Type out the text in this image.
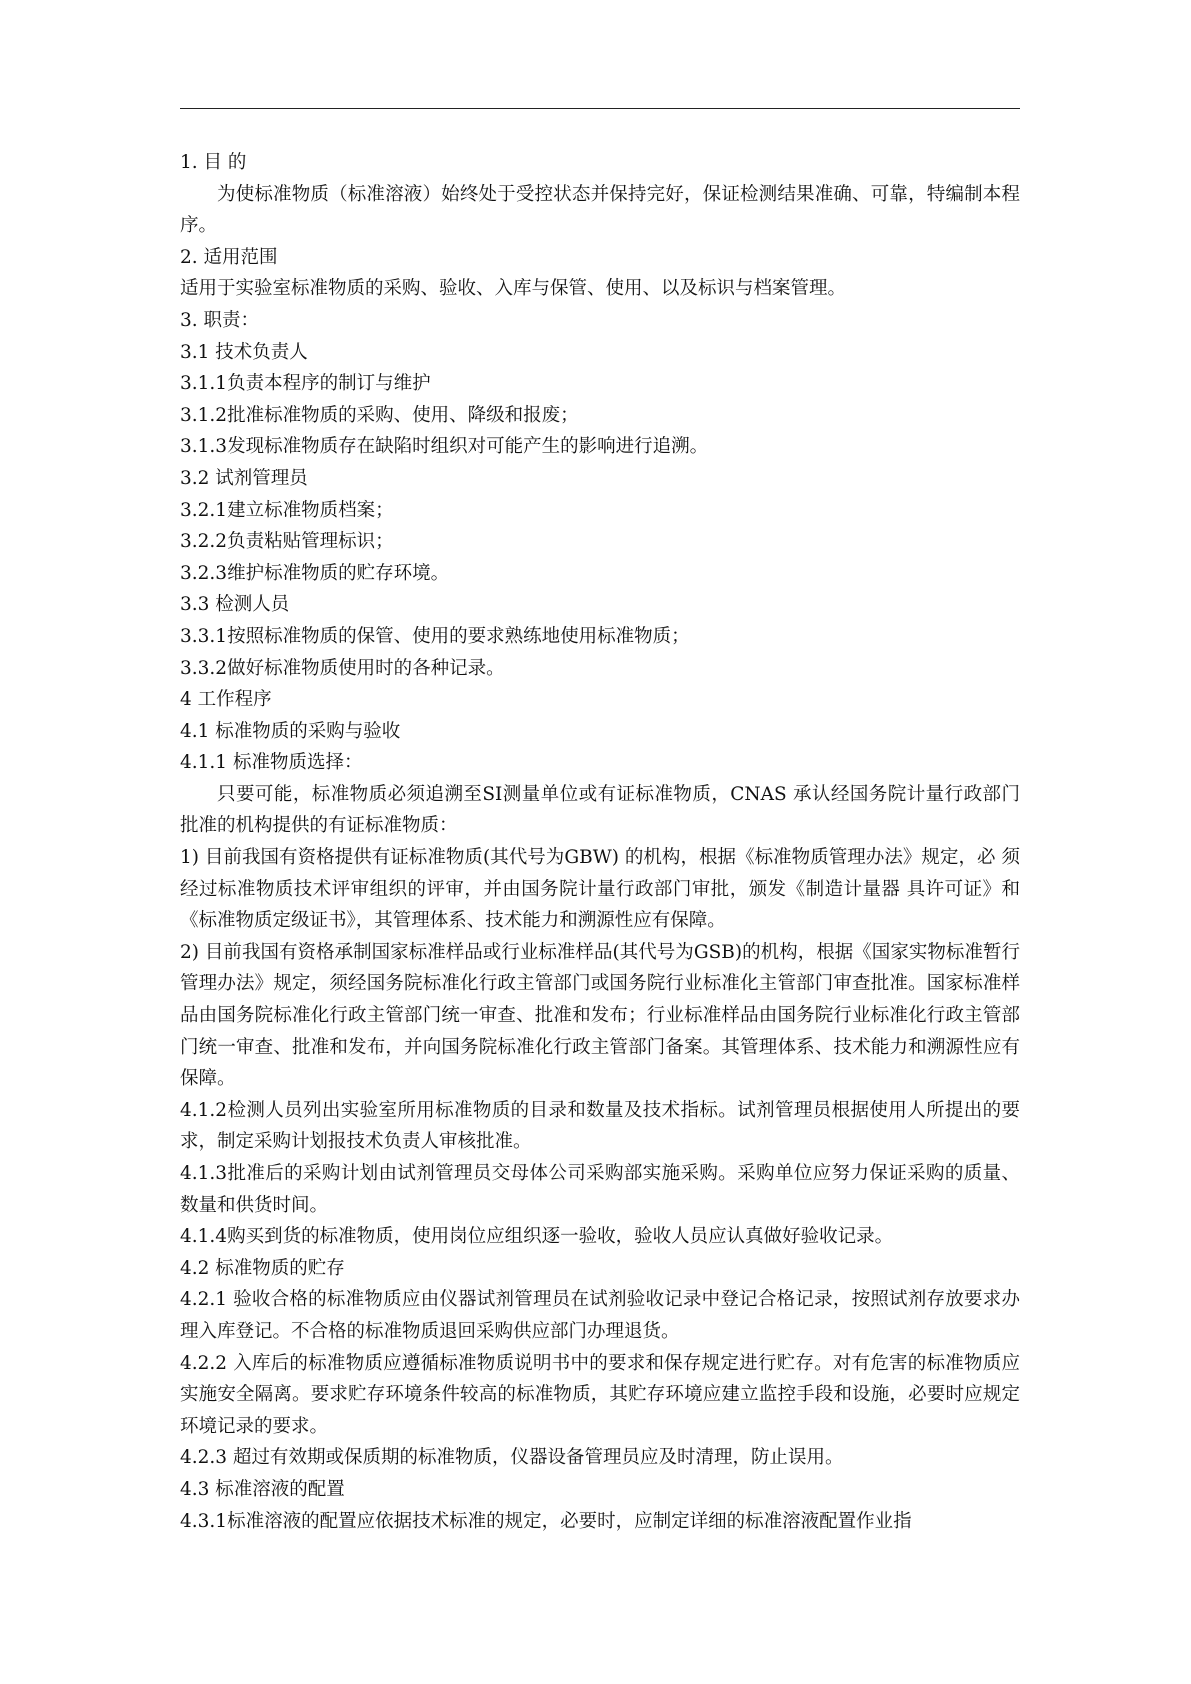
1. 目 的

为使标准物质（标准溶液）始终处于受控状态并保持完好，保证检测结果准确、可靠，特编制本程序。

2. 适用范围

适用于实验室标准物质的采购、验收、入库与保管、使用、以及标识与档案管理。

3. 职责：

3.1 技术负责人

3.1.1负责本程序的制订与维护

3.1.2批准标准物质的采购、使用、降级和报废；

3.1.3发现标准物质存在缺陷时组织对可能产生的影响进行追溯。

3.2 试剂管理员

3.2.1建立标准物质档案；

3.2.2负责粘贴管理标识；

3.2.3维护标准物质的贮存环境。

3.3 检测人员

3.3.1按照标准物质的保管、使用的要求熟练地使用标准物质；

3.3.2做好标准物质使用时的各种记录。

4 工作程序

4.1 标准物质的采购与验收

4.1.1 标准物质选择：

只要可能，标准物质必须追溯至SI测量单位或有证标准物质，CNAS 承认经国务院计量行政部门批准的机构提供的有证标准物质：

1) 目前我国有资格提供有证标准物质(其代号为GBW) 的机构，根据《标准物质管理办法》规定，必 须经过标准物质技术评审组织的评审，并由国务院计量行政部门审批，颁发《制造计量器 具许可证》和《标准物质定级证书》，其管理体系、技术能力和溯源性应有保障。

2) 目前我国有资格承制国家标准样品或行业标准样品(其代号为GSB)的机构，根据《国家实物标准暂行管理办法》规定，须经国务院标准化行政主管部门或国务院行业标准化主管部门审查批准。国家标准样品由国务院标准化行政主管部门统一审查、批准和发布；行业标准样品由国务院行业标准化行政主管部门统一审查、批准和发布，并向国务院标准化行政主管部门备案。其管理体系、技术能力和溯源性应有保障。

4.1.2检测人员列出实验室所用标准物质的目录和数量及技术指标。试剂管理员根据使用人所提出的要求，制定采购计划报技术负责人审核批准。

4.1.3批准后的采购计划由试剂管理员交母体公司采购部实施采购。采购单位应努力保证采购的质量、数量和供货时间。

4.1.4购买到货的标准物质，使用岗位应组织逐一验收，验收人员应认真做好验收记录。

4.2 标准物质的贮存

4.2.1 验收合格的标准物质应由仪器试剂管理员在试剂验收记录中登记合格记录，按照试剂存放要求办理入库登记。不合格的标准物质退回采购供应部门办理退货。

4.2.2 入库后的标准物质应遵循标准物质说明书中的要求和保存规定进行贮存。对有危害的标准物质应实施安全隔离。要求贮存环境条件较高的标准物质，其贮存环境应建立监控手段和设施，必要时应规定环境记录的要求。

4.2.3 超过有效期或保质期的标准物质，仪器设备管理员应及时清理，防止误用。

4.3 标准溶液的配置

4.3.1标准溶液的配置应依据技术标准的规定，必要时，应制定详细的标准溶液配置作业指
